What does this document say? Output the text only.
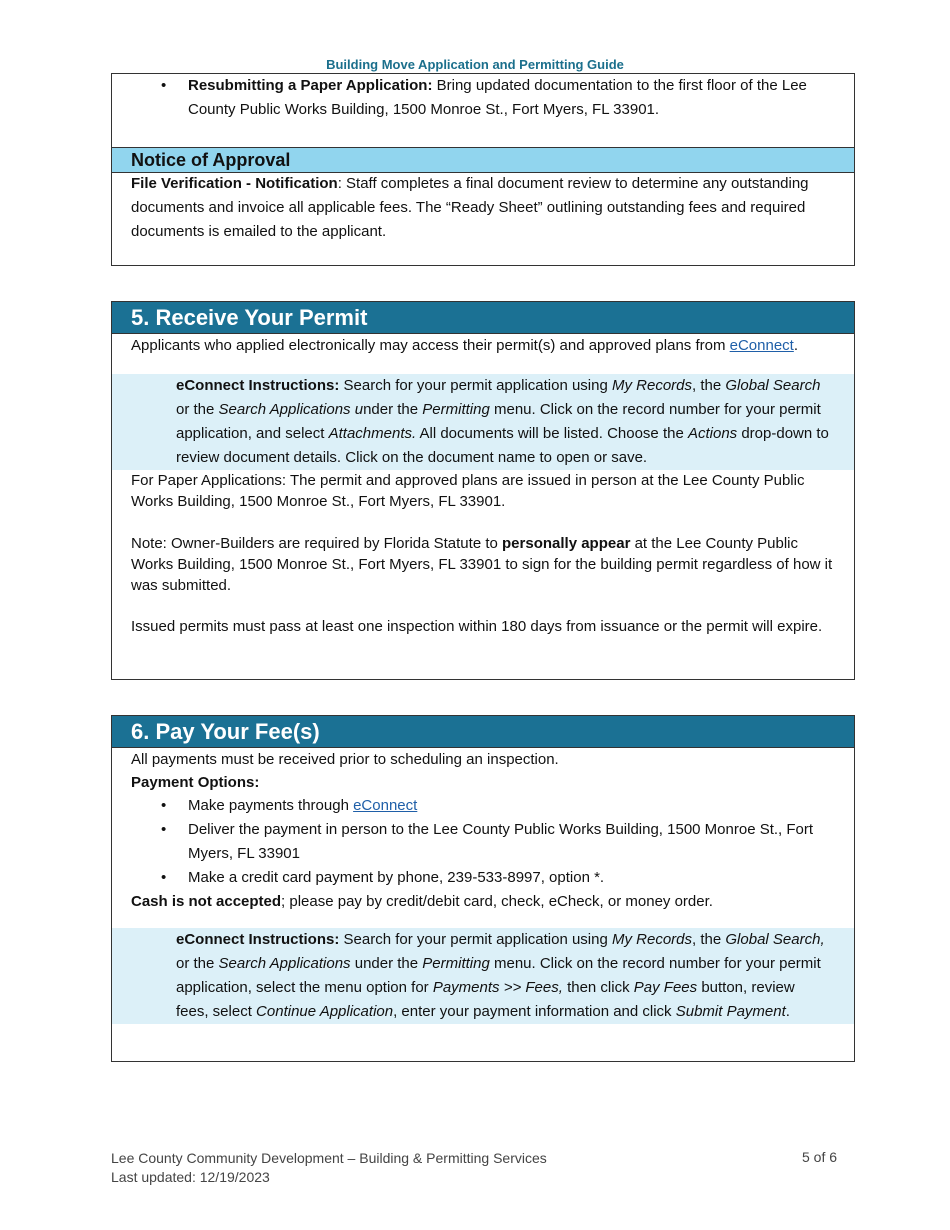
Building Move Application and Permitting Guide
• Resubmitting a Paper Application: Bring updated documentation to the first floor of the Lee County Public Works Building, 1500 Monroe St., Fort Myers, FL 33901.
Notice of Approval
File Verification - Notification: Staff completes a final document review to determine any outstanding documents and invoice all applicable fees. The “Ready Sheet” outlining outstanding fees and required documents is emailed to the applicant.
5. Receive Your Permit
Applicants who applied electronically may access their permit(s) and approved plans from eConnect.
eConnect Instructions: Search for your permit application using My Records, the Global Search or the Search Applications under the Permitting menu. Click on the record number for your permit application, and select Attachments. All documents will be listed. Choose the Actions drop-down to review document details. Click on the document name to open or save.
For Paper Applications: The permit and approved plans are issued in person at the Lee County Public Works Building, 1500 Monroe St., Fort Myers, FL 33901.
Note: Owner-Builders are required by Florida Statute to personally appear at the Lee County Public Works Building, 1500 Monroe St., Fort Myers, FL 33901 to sign for the building permit regardless of how it was submitted.
Issued permits must pass at least one inspection within 180 days from issuance or the permit will expire.
6. Pay Your Fee(s)
All payments must be received prior to scheduling an inspection.
Payment Options:
• Make payments through eConnect
• Deliver the payment in person to the Lee County Public Works Building, 1500 Monroe St., Fort Myers, FL 33901
• Make a credit card payment by phone, 239-533-8997, option *.
Cash is not accepted; please pay by credit/debit card, check, eCheck, or money order.
eConnect Instructions: Search for your permit application using My Records, the Global Search, or the Search Applications under the Permitting menu. Click on the record number for your permit application, select the menu option for Payments >> Fees, then click Pay Fees button, review fees, select Continue Application, enter your payment information and click Submit Payment.
Lee County Community Development – Building & Permitting Services
Last updated: 12/19/2023
5 of 6
